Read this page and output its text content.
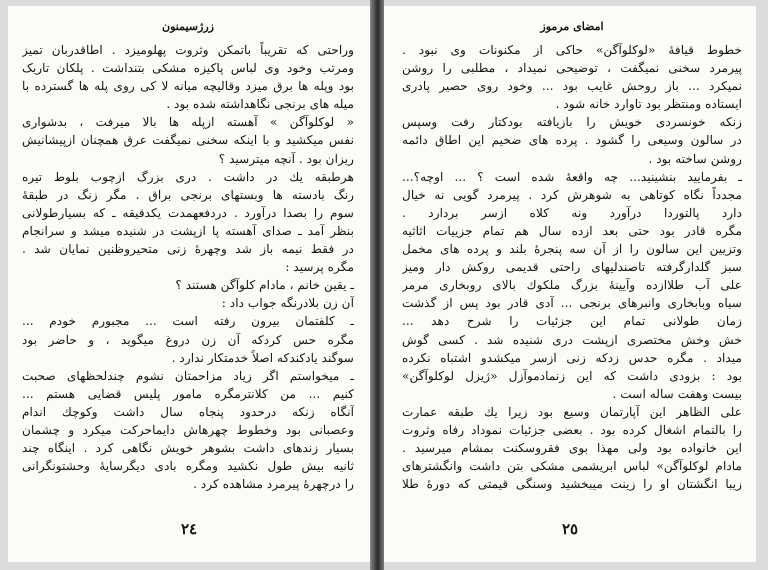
زرژسیمنون
وراحتی که تقریباً باتمکن وثروت پهلومیزد . اطاقدربان تمیز
ومرتب وخود وی لباس پاکیزه مشکی بتنداشت . پلکان تاریک
بود وپله ها برق میزد وقالیچه میانه لا کی روی پله ها گسترده با
میله های برنجی نگاهداشته شده بود .
« لوکلوآگن » آهسته ازپله ها بالا میرفت ، بدشواری
نفس میکشید و با اینکه سخنی نمیگفت عرق همچنان ازپیشانیش
ریزان بود . آنچه میترسید ؟
هرطبقه یك در داشت . دری بزرگ ازچوب بلوط تیره
رنگ بادسته ها وبستهای برنجی براق . مگر زنگ در طبقهٔ
سوم را بصدا درآورد . دردفعهمدت یکدقیقه ـ که بسیارطولانی
بنظر آمد ـ صدای آهسته پا ازپشت در شنیده میشد و سرانجام
در فقط نیمه باز شد وچهرهٔ زنی متحیروظنین نمایان شد .
مگره پرسید :
ـ یقین خانم ، مادام کلوآگن هستند ؟
آن زن بلادرنگه جواب داد :
ـ کلفتمان بیرون رفته است ... مجبورم خودم ...
مگره حس کردکه آن زن دروغ میگوید ، و حاضر بود
سوگند یادکندکه اصلاً خدمتکار ندارد .
ـ میخواستم اگر زیاد مزاحمتان نشوم چندلحظهای صحبت
کنیم ... من کلانترمگره مامور پلیس قضایی هستم ...
آنگاه زنکه درحدود پنجاه سال داشت وکوچك اندام
وعصبانی بود وخطوط چهرهاش دایماحرکت میکرد و چشمان
بسیار زندهای داشت بشوهر خویش نگاهی کرد . اینگاه چند
ثانیه بیش طول نکشید ومگره بادی دیگرسایهٔ وحشتونگرانی
را درچهرهٔ پیرمرد مشاهده کرد .
٢٤
امضای مرموز
خطوط قیافهٔ «لوکلوآگن» حاکی از مکنونات وی نبود .
پیرمرد سخنی نمیگفت ، توضیحی نمیداد ، مطلبی را روشن
نمیکرد ... باز روحش غایب بود ... وخود روی حصیر پادری
ایستاده ومنتظر بود تاوارد خانه شود .
زنکه خونسردی خویش را بازیافته بودکتار رفت وسپس
در سالون وسیعی را گشود . پرده های ضخیم این اطاق دائمه
روشن ساخته بود .
ـ بفرمایید بنشینید... چه واقعهٔ شده است ؟ ... اوچه؟...
مجدداً نگاه کوتاهی به شوهرش کرد . پیرمرد گویی نه خیال
دارد پالتوردا درآورد ونه کلاه ازسر بردارد .
مگره قادر بود حتی بعد ازده سال هم تمام جزییات اثاثیه
وتزیین این سالون را از آن سه پنجرهٔ بلند و پرده های مخمل
سبز گلدارگرفته تاصندلیهای راحتی قدیمی روکش دار ومیز
علی آب طلاازده وآیینهٔ بزرگ ملکوك بالای روبخاری مرمر
سیاه وبابخاری وانبرهای برنجی ... آدی قادر بود پس از گذشت
زمان طولانی تمام این جزئیات را شرح دهد ...
خش وخش مختصری ازپشت دری شنیده شد . کسی گوش
میداد . مگره حدس زدکه زنی ازسر میکشدو اشتباه نکرده
بود : بزودی داشت که این زنمادموآزل «ژیزل لوکلوآگن»
بیست وهفت ساله است .
علی الظاهر این آپارتمان وسیع بود زیرا یك طبقه عمارت
را بالتمام اشغال کرده بود . بعضی جزئیات نموداد رفاه وثروت
این خانواده بود ولی مهذا بوی فقروسکنت بمشام میرسید .
مادام لوکلوآگن» لباس ابریشمی مشکی بتن داشت وانگشترهای
زیبا انگشتان او را زینت میبخشید وسنگی قیمتی که دورهٔ طلا
٢٥
